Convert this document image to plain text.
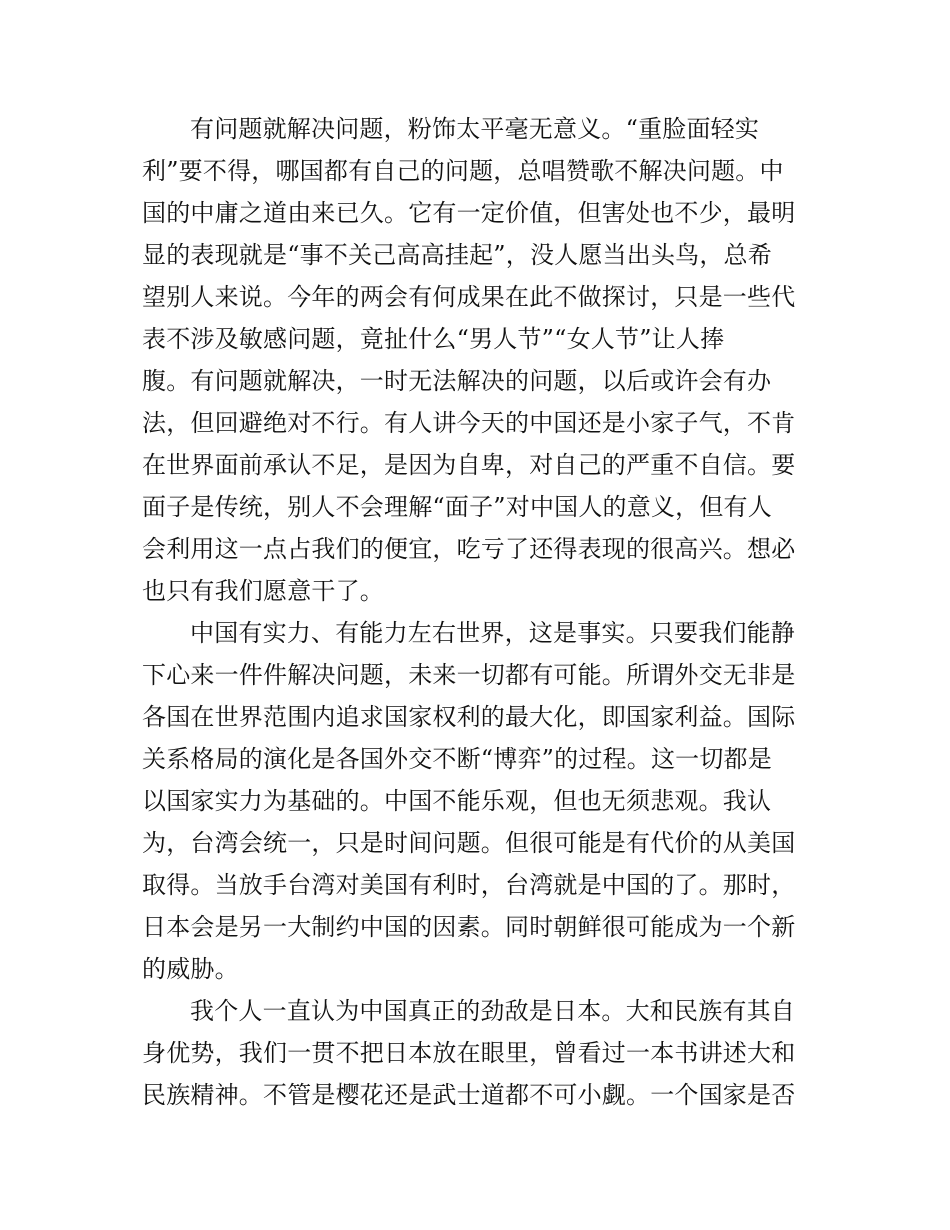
有问题就解决问题，粉饰太平毫无意义。“重脸面轻实
利”要不得，哪国都有自己的问题，总唱赞歌不解决问题。中
国的中庸之道由来已久。它有一定价值，但害处也不少，最明
显的表现就是“事不关己高高挂起”，没人愿当出头鸟，总希
望别人来说。今年的两会有何成果在此不做探讨，只是一些代
表不涉及敏感问题，竟扯什么“男人节”“女人节”让人捧
腹。有问题就解决，一时无法解决的问题，以后或许会有办
法，但回避绝对不行。有人讲今天的中国还是小家子气，不肯
在世界面前承认不足，是因为自卑，对自己的严重不自信。要
面子是传统，别人不会理解“面子”对中国人的意义，但有人
会利用这一点占我们的便宜，吃亏了还得表现的很高兴。想必
也只有我们愿意干了。

中国有实力、有能力左右世界，这是事实。只要我们能静
下心来一件件解决问题，未来一切都有可能。所谓外交无非是
各国在世界范围内追求国家权利的最大化，即国家利益。国际
关系格局的演化是各国外交不断“博弈”的过程。这一切都是
以国家实力为基础的。中国不能乐观，但也无须悲观。我认
为，台湾会统一，只是时间问题。但很可能是有代价的从美国
取得。当放手台湾对美国有利时，台湾就是中国的了。那时，
日本会是另一大制约中国的因素。同时朝鲜很可能成为一个新
的威胁。

我个人一直认为中国真正的劲敌是日本。大和民族有其自
身优势，我们一贯不把日本放在眼里，曾看过一本书讲述大和
民族精神。不管是樱花还是武士道都不可小觑。一个国家是否
